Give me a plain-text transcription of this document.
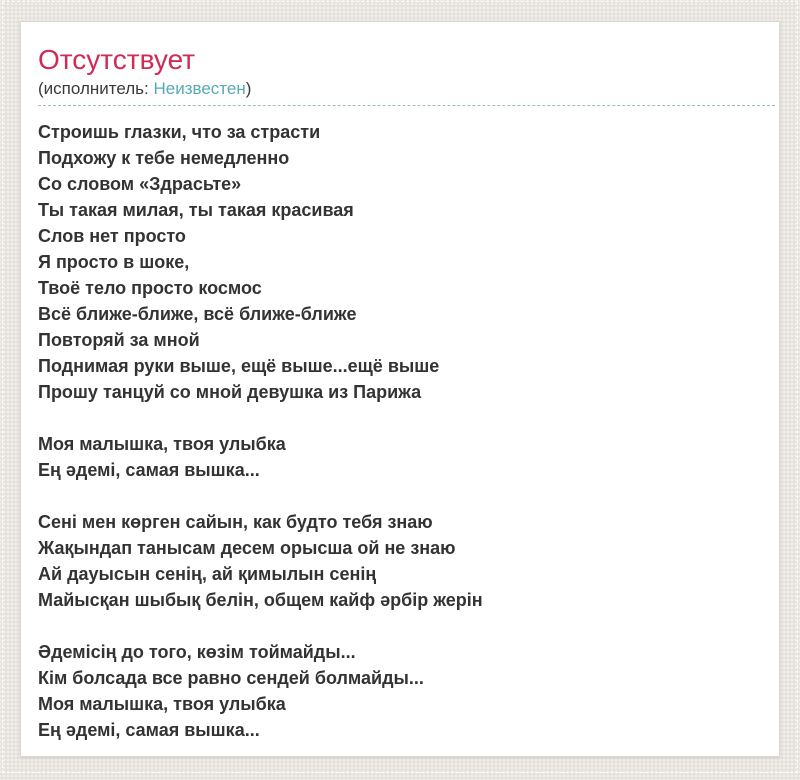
Отсутствует
(исполнитель: Неизвестен)
Строишь глазки, что за страсти
Подхожу к тебе немедленно
Со словом «Здрасьте»
Ты такая милая, ты такая красивая
Слов нет просто
Я просто в шоке,
Твоё тело просто космос
Всё ближе-ближе, всё ближе-ближе
Повторяй за мной
Поднимая руки выше, ещё выше...ещё выше
Прошу танцуй со мной девушка из Парижа

Моя малышка, твоя улыбка
Ең әдемі, самая вышка...

Сені мен көрген сайын, как будто тебя знаю
Жақындап танысам десем орысша ой не знаю
Ай дауысын сенің, ай қимылын сенің
Майысқан шыбық белін, общем кайф әрбір жерін

Әдемісің до того, көзім тоймайды...
Кім болсада все равно сендей болмайды...
Моя малышка, твоя улыбка
Ең әдемі, самая вышка...
